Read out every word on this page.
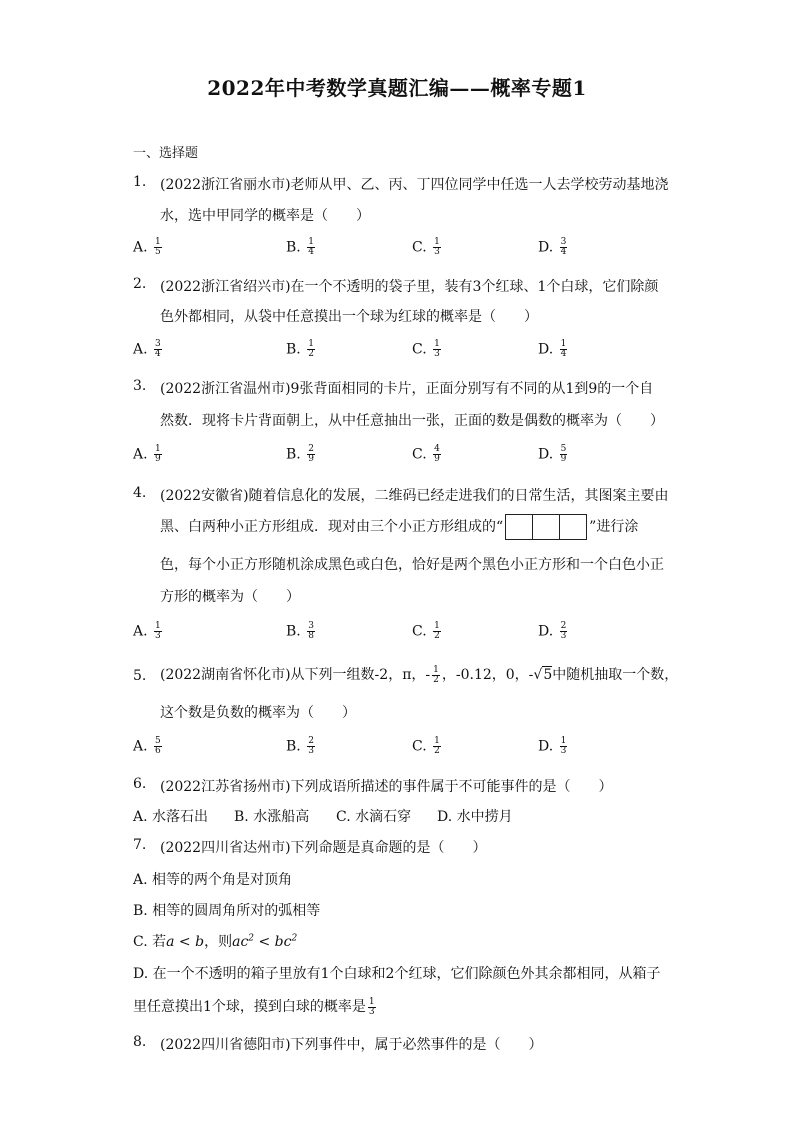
2022年中考数学真题汇编——概率专题1
一、选择题
1. (2022浙江省丽水市)老师从甲、乙、丙、丁四位同学中任选一人去学校劳动基地浇
水，选中甲同学的概率是（　　）
A. $\frac{1}{5}$	B. $\frac{1}{4}$	C. $\frac{1}{3}$	D. $\frac{3}{4}$
2. (2022浙江省绍兴市)在一个不透明的袋子里，装有3个红球、1个白球，它们除颜
色外都相同，从袋中任意摸出一个球为红球的概率是（　　）
A. $\frac{3}{4}$	B. $\frac{1}{2}$	C. $\frac{1}{3}$	D. $\frac{1}{4}$
3. (2022浙江省温州市)9张背面相同的卡片，正面分别写有不同的从1到9的一个自
然数．现将卡片背面朝上，从中任意抽出一张，正面的数是偶数的概率为（　　）
A. $\frac{1}{9}$	B. $\frac{2}{9}$	C. $\frac{4}{9}$	D. $\frac{5}{9}$
4. (2022安徽省)随着信息化的发展，二维码已经走进我们的日常生活，其图案主要由
黑、白两种小正方形组成．现对由三个小正方形组成的“	”进行涂
色，每个小正方形随机涂成黑色或白色，恰好是两个黑色小正方形和一个白色小正
方形的概率为（　　）
A. $\frac{1}{3}$	B. $\frac{3}{8}$	C. $\frac{1}{2}$	D. $\frac{2}{3}$
5. (2022湖南省怀化市)从下列一组数-2，π，- $\frac{1}{2}$ ，-0.12，0，-√5中随机抽取一个数，
这个数是负数的概率为（　　）
A. $\frac{5}{6}$	B. $\frac{2}{3}$	C. $\frac{1}{2}$	D. $\frac{1}{3}$
6. (2022江苏省扬州市)下列成语所描述的事件属于不可能事件的是（　　）
A. 水落石出 B. 水涨船高 C. 水滴石穿 D. 水中捞月
7. (2022四川省达州市)下列命题是真命题的是（　　）
A. 相等的两个角是对顶角
B. 相等的圆周角所对的弧相等
C. 若a < b，则$ac^2 < bc^2$
D. 在一个不透明的箱子里放有1个白球和2个红球，它们除颜色外其余都相同，从箱子
里任意摸出1个球，摸到白球的概率是 $\frac{1}{3}$
8. (2022四川省德阳市)下列事件中，属于必然事件的是（　　）
